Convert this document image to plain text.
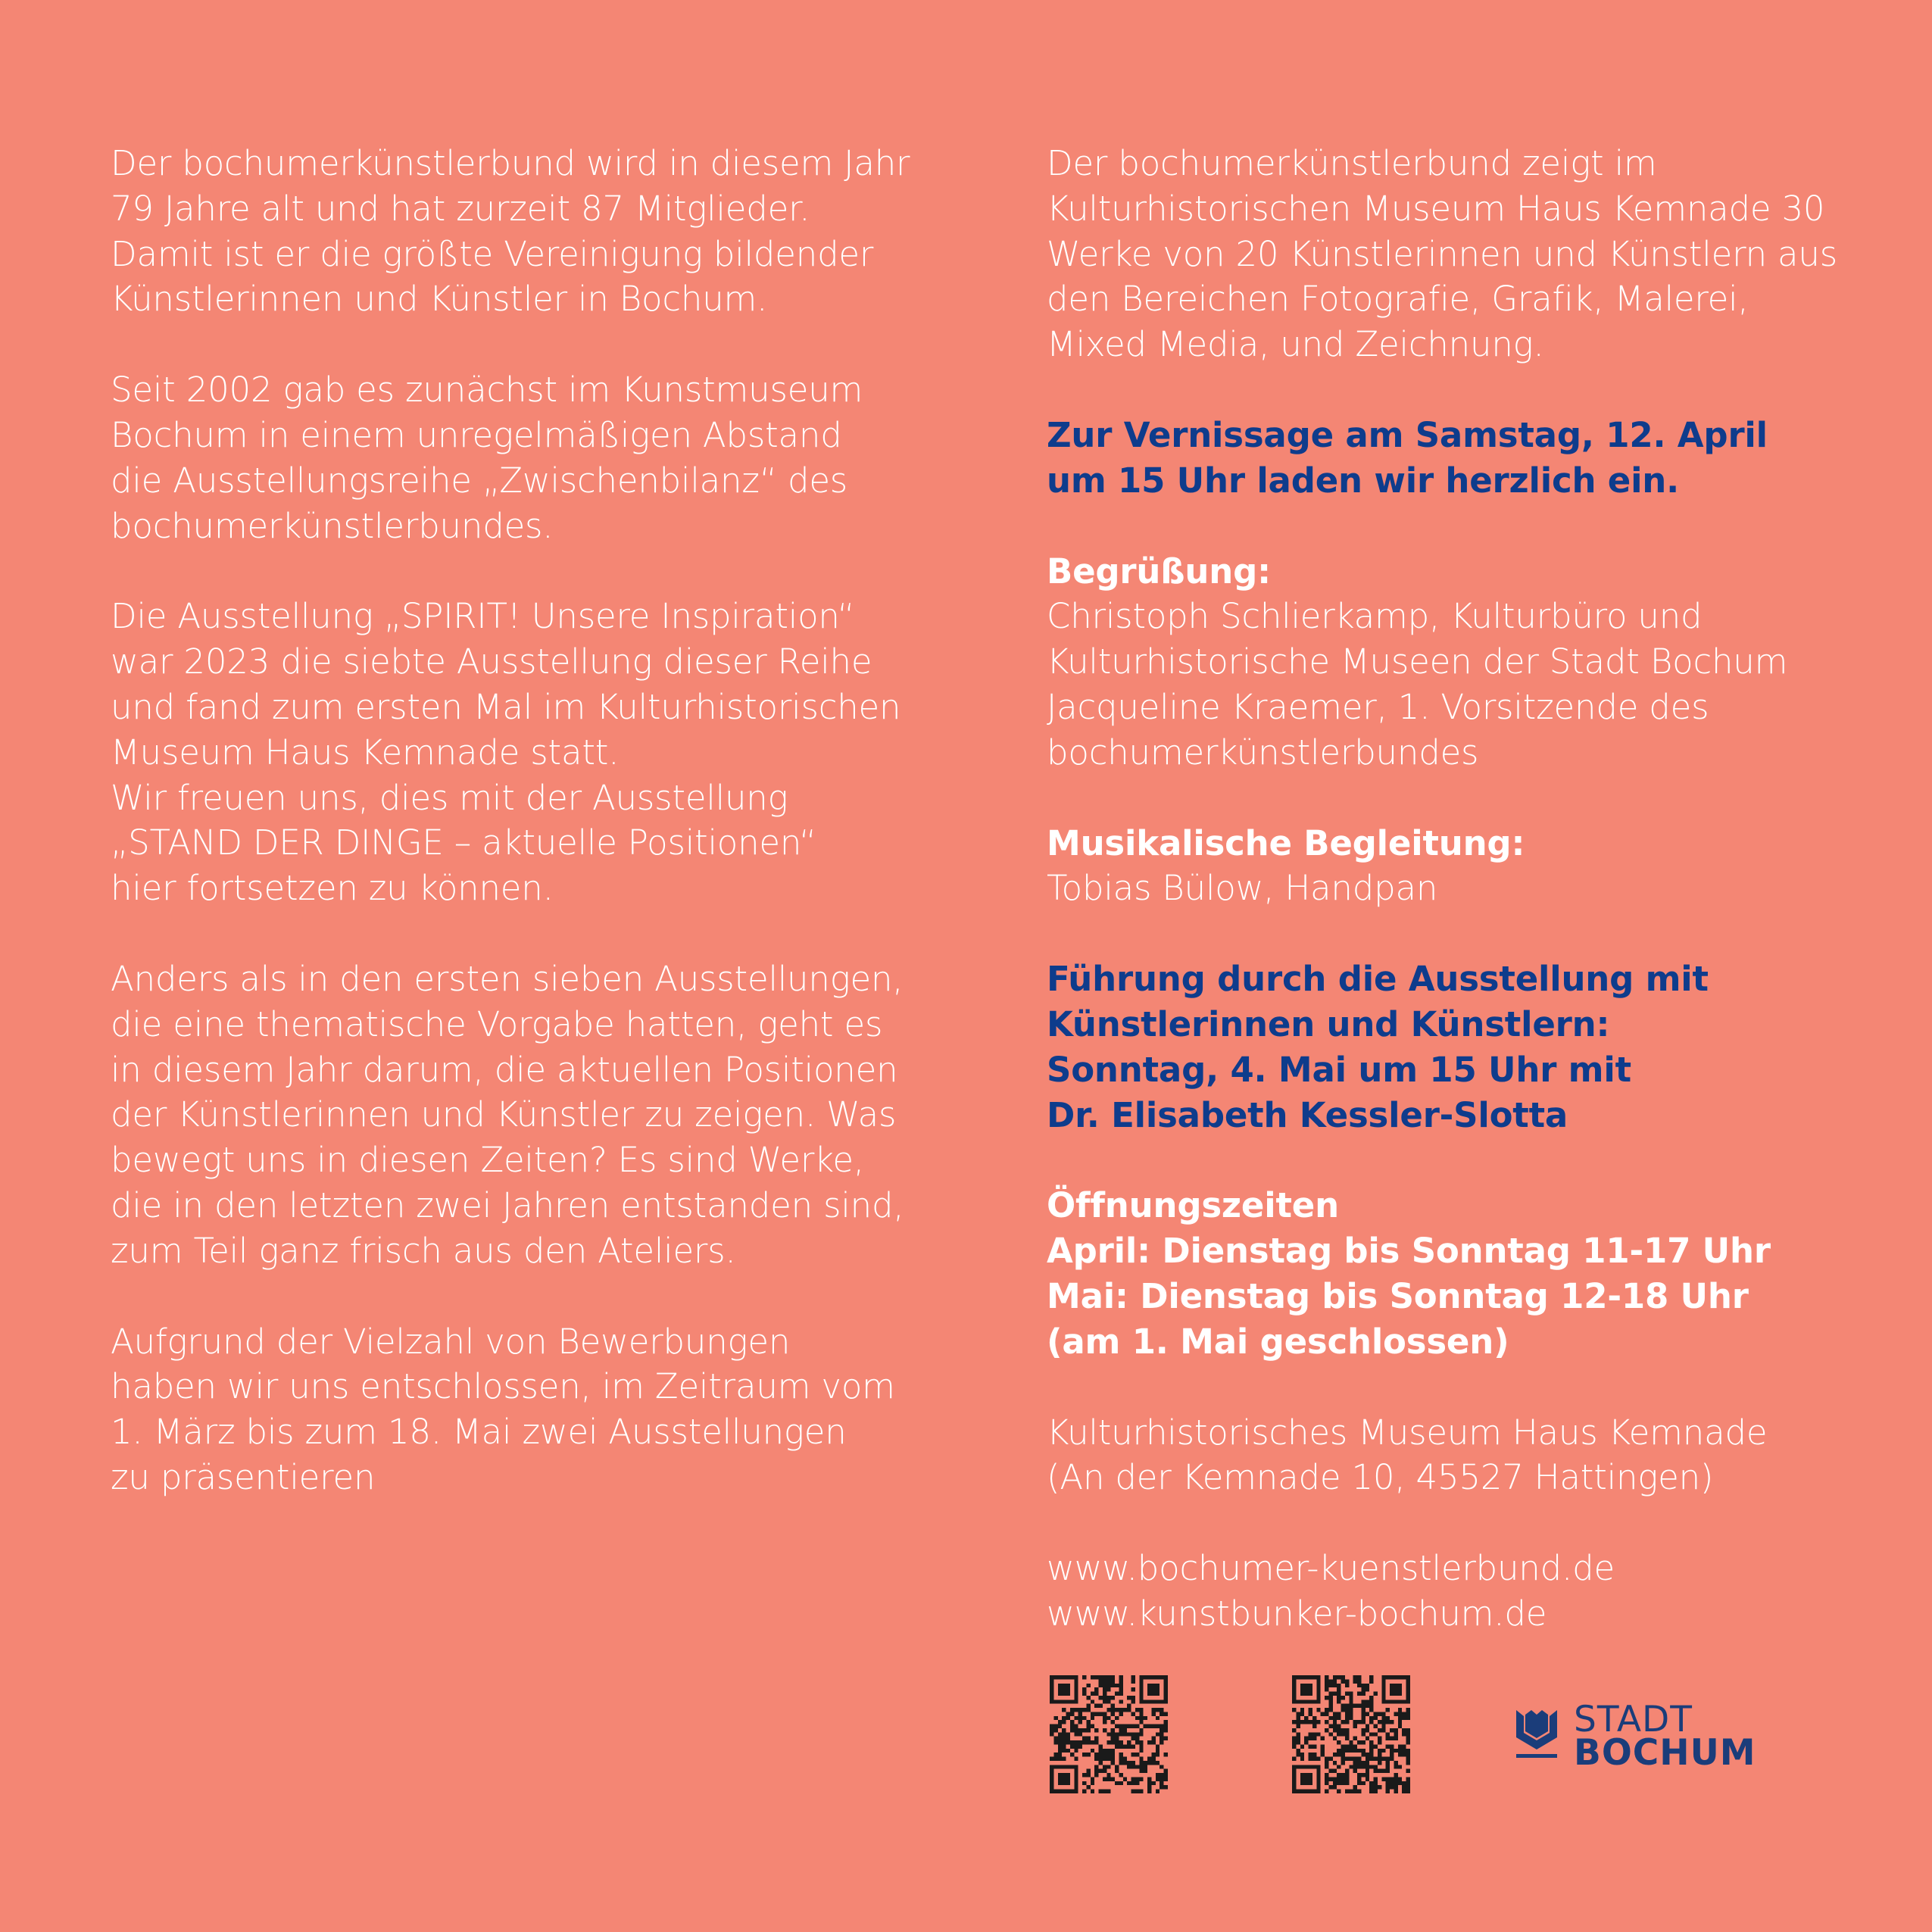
Der bochumerkünstlerbund wird in diesem Jahr
79 Jahre alt und hat zurzeit 87 Mitglieder.
Damit ist er die größte Vereinigung bildender
Künstlerinnen und Künstler in Bochum.

Seit 2002 gab es zunächst im Kunstmuseum
Bochum in einem unregelmäßigen Abstand
die Ausstellungsreihe „Zwischenbilanz“ des
bochumerkünstlerbundes.

Die Ausstellung „SPIRIT! Unsere Inspiration“
war 2023 die siebte Ausstellung dieser Reihe
und fand zum ersten Mal im Kulturhistorischen
Museum Haus Kemnade statt.
Wir freuen uns, dies mit der Ausstellung
„STAND DER DINGE – aktuelle Positionen“
hier fortsetzen zu können.

Anders als in den ersten sieben Ausstellungen,
die eine thematische Vorgabe hatten, geht es
in diesem Jahr darum, die aktuellen Positionen
der Künstlerinnen und Künstler zu zeigen. Was
bewegt uns in diesen Zeiten? Es sind Werke,
die in den letzten zwei Jahren entstanden sind,
zum Teil ganz frisch aus den Ateliers.

Aufgrund der Vielzahl von Bewerbungen
haben wir uns entschlossen, im Zeitraum vom
1. März bis zum 18. Mai zwei Ausstellungen
zu präsentieren

Der bochumerkünstlerbund zeigt im
Kulturhistorischen Museum Haus Kemnade 30
Werke von 20 Künstlerinnen und Künstlern aus
den Bereichen Fotografie, Grafik, Malerei,
Mixed Media, und Zeichnung.

Zur Vernissage am Samstag, 12. April
um 15 Uhr laden wir herzlich ein.

Begrüßung:
Christoph Schlierkamp, Kulturbüro und
Kulturhistorische Museen der Stadt Bochum
Jacqueline Kraemer, 1. Vorsitzende des
bochumerkünstlerbundes

Musikalische Begleitung:
Tobias Bülow, Handpan

Führung durch die Ausstellung mit
Künstlerinnen und Künstlern:
Sonntag, 4. Mai um 15 Uhr mit
Dr. Elisabeth Kessler-Slotta

Öffnungszeiten
April: Dienstag bis Sonntag 11-17 Uhr
Mai: Dienstag bis Sonntag 12-18 Uhr
(am 1. Mai geschlossen)

Kulturhistorisches Museum Haus Kemnade
(An der Kemnade 10, 45527 Hattingen)

www.bochumer-kuenstlerbund.de
www.kunstbunker-bochum.de

STADT
BOCHUM
